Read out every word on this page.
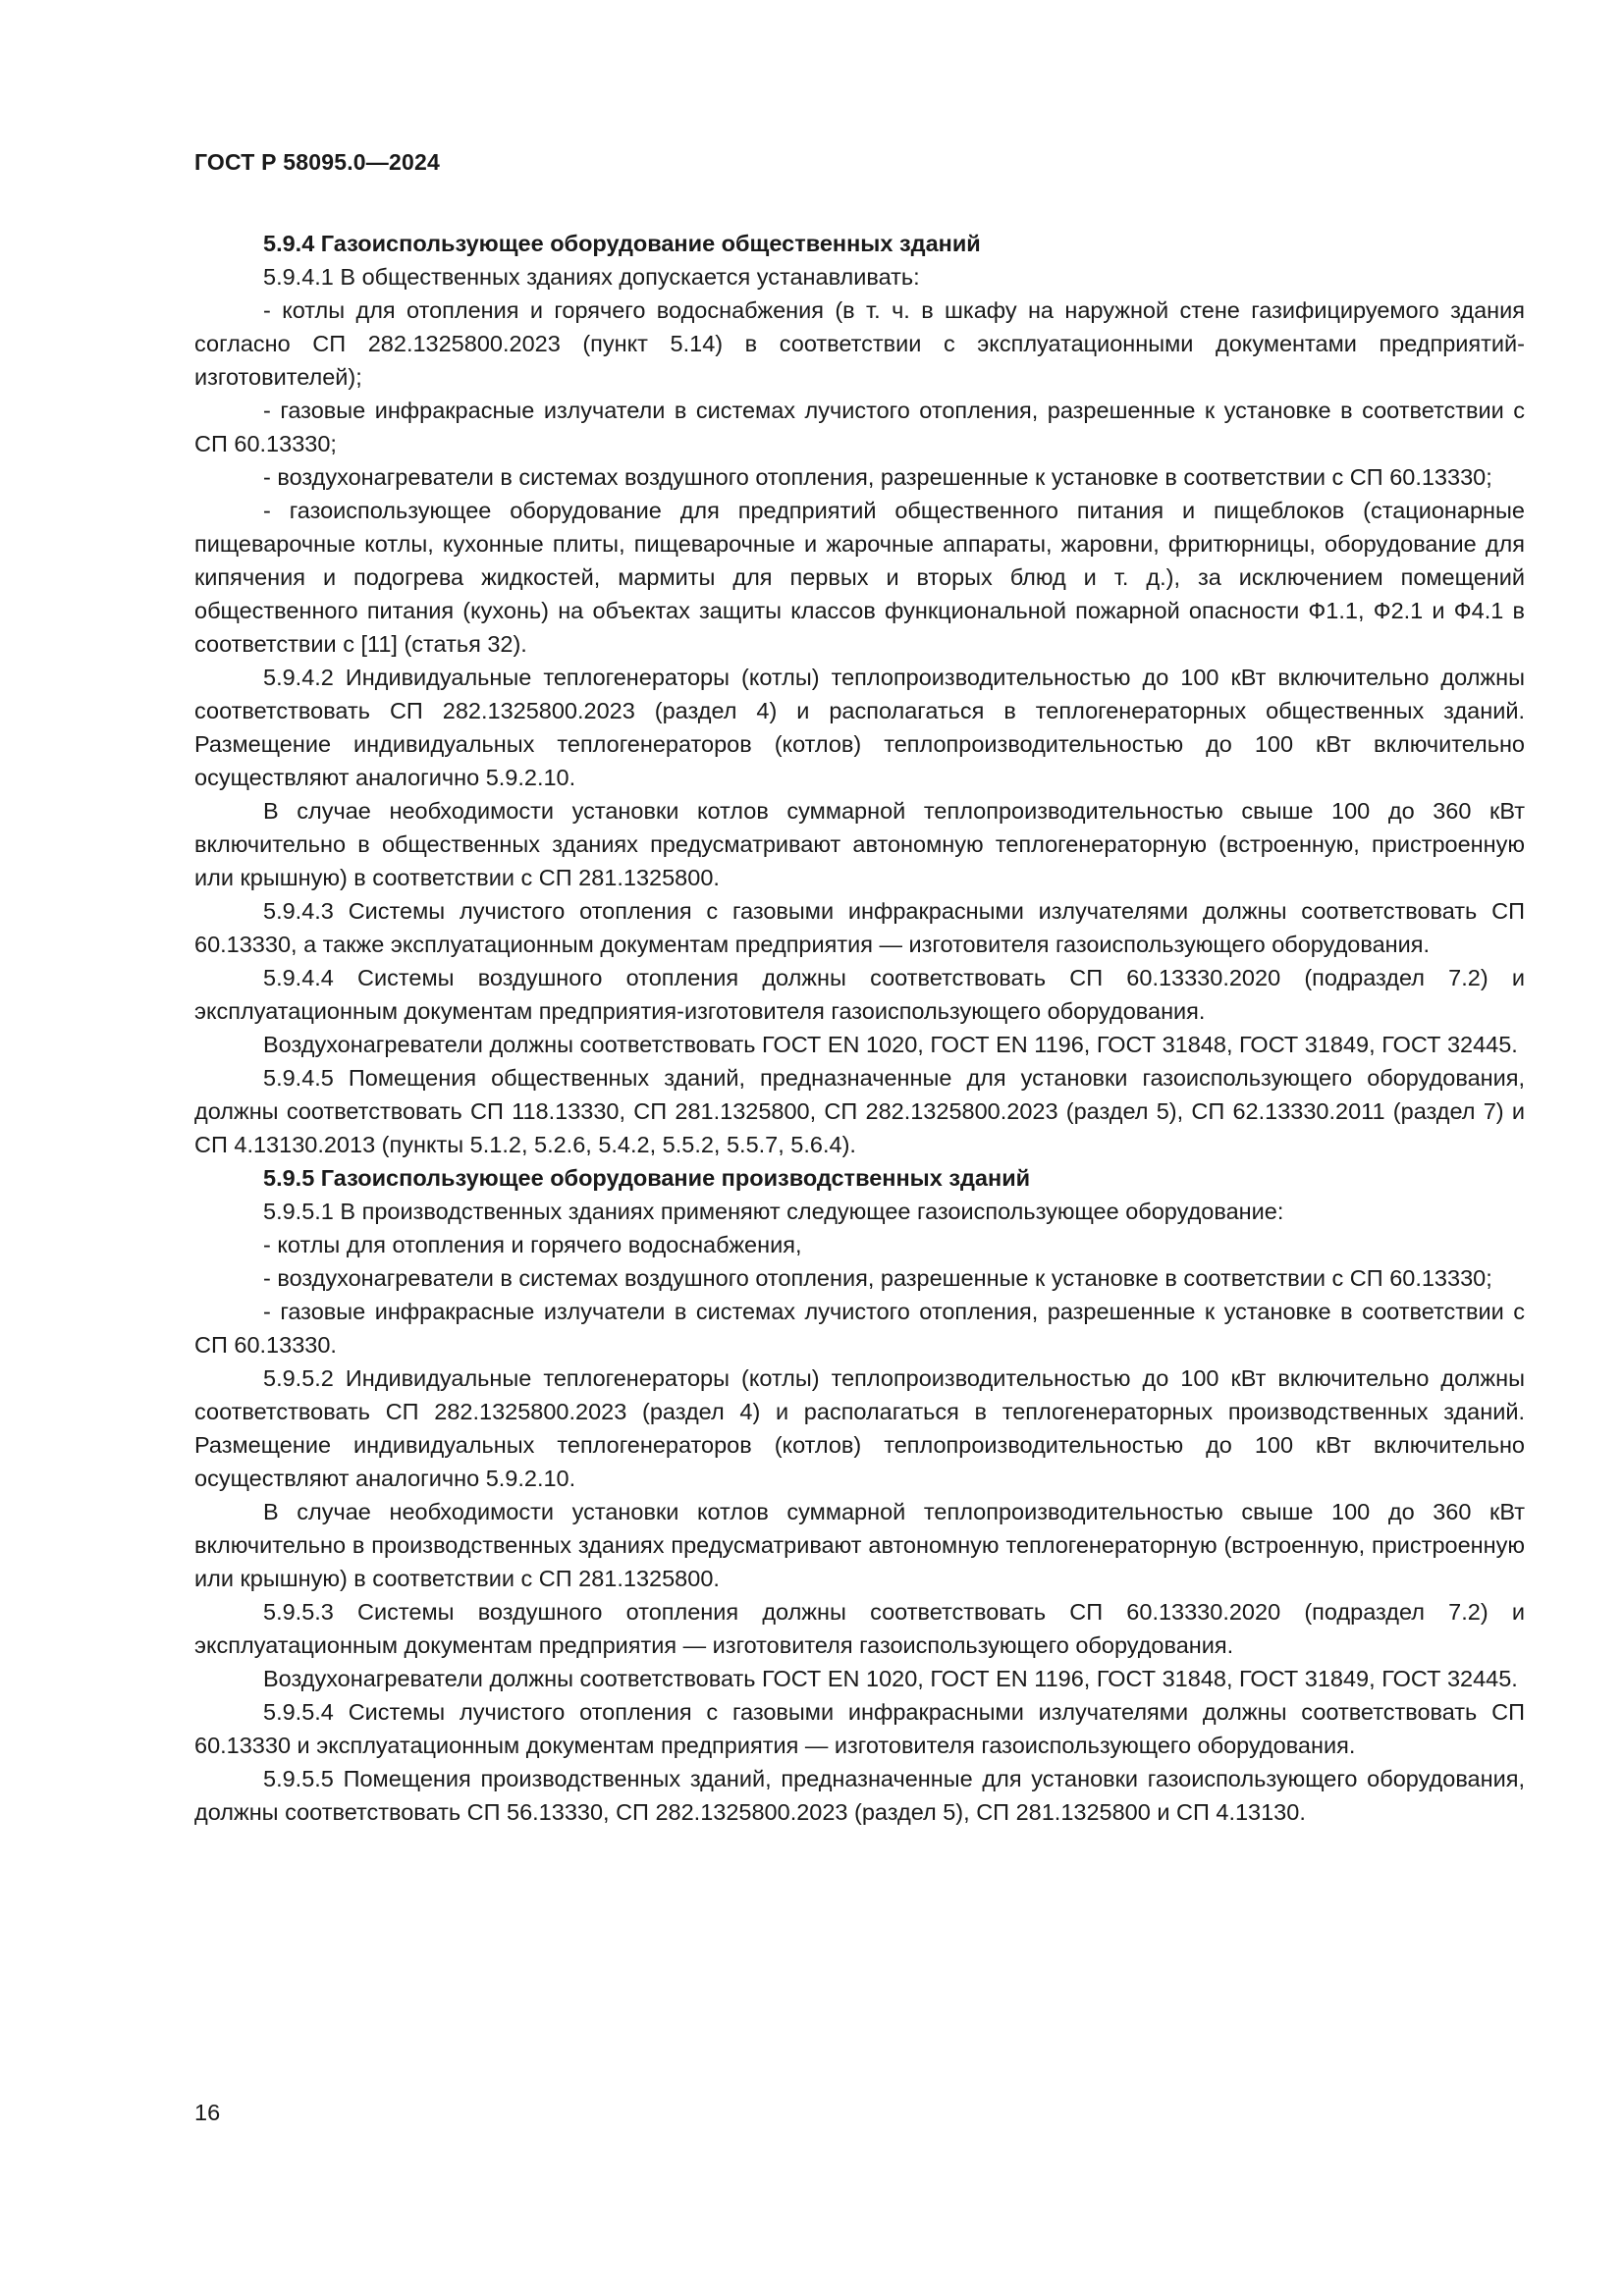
ГОСТ Р 58095.0—2024

5.9.4 Газоиспользующее оборудование общественных зданий

5.9.4.1 В общественных зданиях допускается устанавливать:

- котлы для отопления и горячего водоснабжения (в т. ч. в шкафу на наружной стене газифицируемого здания согласно СП 282.1325800.2023 (пункт 5.14) в соответствии с эксплуатационными документами предприятий-изготовителей);

- газовые инфракрасные излучатели в системах лучистого отопления, разрешенные к установке в соответствии с СП 60.13330;

- воздухонагреватели в системах воздушного отопления, разрешенные к установке в соответствии с СП 60.13330;

- газоиспользующее оборудование для предприятий общественного питания и пищеблоков (стационарные пищеварочные котлы, кухонные плиты, пищеварочные и жарочные аппараты, жаровни, фритюрницы, оборудование для кипячения и подогрева жидкостей, мармиты для первых и вторых блюд и т. д.), за исключением помещений общественного питания (кухонь) на объектах защиты классов функциональной пожарной опасности Ф1.1, Ф2.1 и Ф4.1 в соответствии с [11] (статья 32).

5.9.4.2 Индивидуальные теплогенераторы (котлы) теплопроизводительностью до 100 кВт включительно должны соответствовать СП 282.1325800.2023 (раздел 4) и располагаться в теплогенераторных общественных зданий. Размещение индивидуальных теплогенераторов (котлов) теплопроизводительностью до 100 кВт включительно осуществляют аналогично 5.9.2.10.

В случае необходимости установки котлов суммарной теплопроизводительностью свыше 100 до 360 кВт включительно в общественных зданиях предусматривают автономную теплогенераторную (встроенную, пристроенную или крышную) в соответствии с СП 281.1325800.

5.9.4.3 Системы лучистого отопления с газовыми инфракрасными излучателями должны соответствовать СП 60.13330, а также эксплуатационным документам предприятия — изготовителя газоиспользующего оборудования.

5.9.4.4 Системы воздушного отопления должны соответствовать СП 60.13330.2020 (подраздел 7.2) и эксплуатационным документам предприятия-изготовителя газоиспользующего оборудования.

Воздухонагреватели должны соответствовать ГОСТ EN 1020, ГОСТ EN 1196, ГОСТ 31848, ГОСТ 31849, ГОСТ 32445.

5.9.4.5 Помещения общественных зданий, предназначенные для установки газоиспользующего оборудования, должны соответствовать СП 118.13330, СП 281.1325800, СП 282.1325800.2023 (раздел 5), СП 62.13330.2011 (раздел 7) и СП 4.13130.2013 (пункты 5.1.2, 5.2.6, 5.4.2, 5.5.2, 5.5.7, 5.6.4).

5.9.5 Газоиспользующее оборудование производственных зданий

5.9.5.1 В производственных зданиях применяют следующее газоиспользующее оборудование:

- котлы для отопления и горячего водоснабжения,

- воздухонагреватели в системах воздушного отопления, разрешенные к установке в соответствии с СП 60.13330;

- газовые инфракрасные излучатели в системах лучистого отопления, разрешенные к установке в соответствии с СП 60.13330.

5.9.5.2 Индивидуальные теплогенераторы (котлы) теплопроизводительностью до 100 кВт включительно должны соответствовать СП 282.1325800.2023 (раздел 4) и располагаться в теплогенераторных производственных зданий. Размещение индивидуальных теплогенераторов (котлов) теплопроизводительностью до 100 кВт включительно осуществляют аналогично 5.9.2.10.

В случае необходимости установки котлов суммарной теплопроизводительностью свыше 100 до 360 кВт включительно в производственных зданиях предусматривают автономную теплогенераторную (встроенную, пристроенную или крышную) в соответствии с СП 281.1325800.

5.9.5.3 Системы воздушного отопления должны соответствовать СП 60.13330.2020 (подраздел 7.2) и эксплуатационным документам предприятия — изготовителя газоиспользующего оборудования.

Воздухонагреватели должны соответствовать ГОСТ EN 1020, ГОСТ EN 1196, ГОСТ 31848, ГОСТ 31849, ГОСТ 32445.

5.9.5.4 Системы лучистого отопления с газовыми инфракрасными излучателями должны соответствовать СП 60.13330 и эксплуатационным документам предприятия — изготовителя газоиспользующего оборудования.

5.9.5.5 Помещения производственных зданий, предназначенные для установки газоиспользующего оборудования, должны соответствовать СП 56.13330, СП 282.1325800.2023 (раздел 5), СП 281.1325800 и СП 4.13130.

16
